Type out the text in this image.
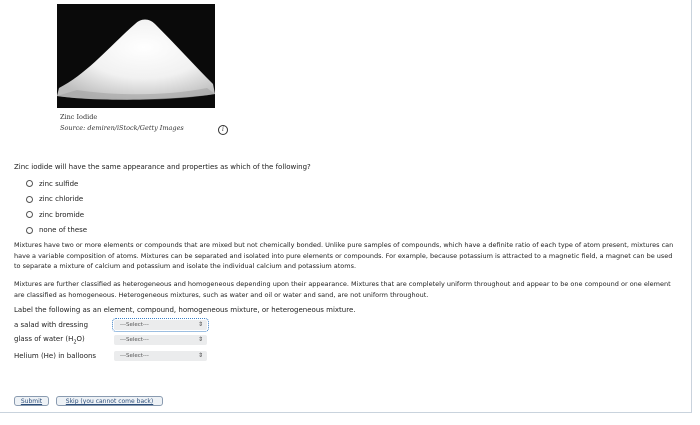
Zinc Iodide
Source: demiren/iStock/Getty Images	i
Zinc iodide will have the same appearance and properties as which of the following?
zinc sulfide
zinc chloride
zinc bromide
none of these

Mixtures have two or more elements or compounds that are mixed but not chemically bonded. Unlike pure samples of compounds, which have a definite ratio of each type of atom present, mixtures can have a variable composition of atoms. Mixtures can be separated and isolated into pure elements or compounds. For example, because potassium is attracted to a magnetic field, a magnet can be used to separate a mixture of calcium and potassium and isolate the individual calcium and potassium atoms.

Mixtures are further classified as heterogeneous and homogeneous depending upon their appearance. Mixtures that are completely uniform throughout and appear to be one compound or one element are classified as homogeneous. Heterogeneous mixtures, such as water and oil or water and sand, are not uniform throughout.

Label the following as an element, compound, homogeneous mixture, or heterogeneous mixture.
a salad with dressing	---Select---	⇕
glass of water $(H_2O)$	---Select---	⇕
Helium (He) in balloons	---Select---	⇕
Submit	Skip (you cannot come back)
